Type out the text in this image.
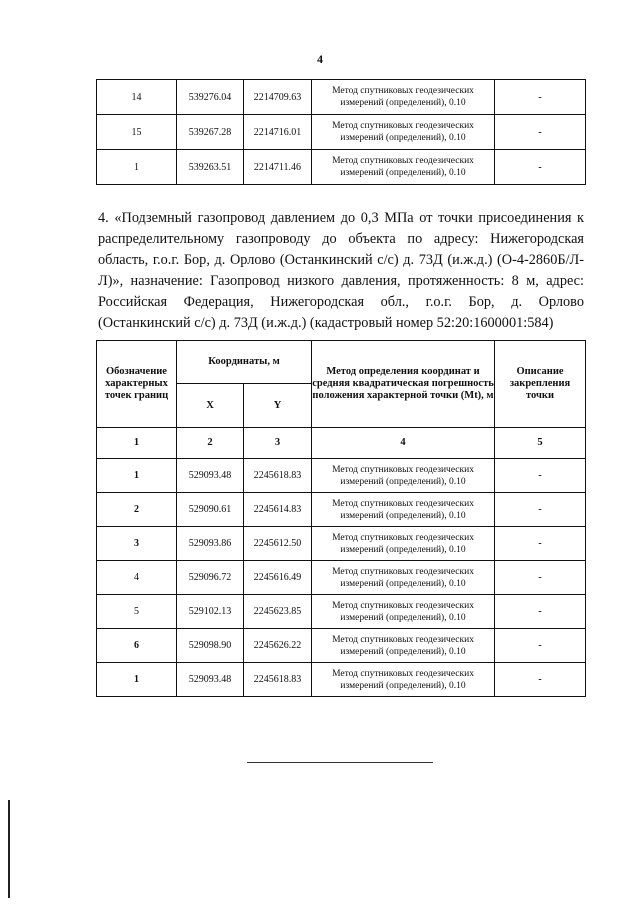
4
14	539276.04	2214709.63	Метод спутниковых геодезических измерений (определений), 0.10	-
15	539267.28	2214716.01	Метод спутниковых геодезических измерений (определений), 0.10	-
1	539263.51	2214711.46	Метод спутниковых геодезических измерений (определений), 0.10	-
4. «Подземный газопровод давлением до 0,3 МПа от точки присоединения к распределительному газопроводу до объекта по адресу: Нижегородская область, г.о.г. Бор, д. Орлово (Останкинский с/с) д. 73Д (и.ж.д.) (О-4-2860Б/Л-Л)», назначение: Газопровод низкого давления, протяженность: 8 м, адрес: Российская Федерация, Нижегородская обл., г.о.г. Бор, д. Орлово (Останкинский с/с) д. 73Д (и.ж.д.) (кадастровый номер 52:20:1600001:584)
Обозначение характерных точек границ	Координаты, м		Метод определения координат и средняя квадратическая погрешность положения характерной точки (Mt), м	Описание закрепления точки
	X	Y		
1	2	3	4	5
1	529093.48	2245618.83	Метод спутниковых геодезических измерений (определений), 0.10	-
2	529090.61	2245614.83	Метод спутниковых геодезических измерений (определений), 0.10	-
3	529093.86	2245612.50	Метод спутниковых геодезических измерений (определений), 0.10	-
4	529096.72	2245616.49	Метод спутниковых геодезических измерений (определений), 0.10	-
5	529102.13	2245623.85	Метод спутниковых геодезических измерений (определений), 0.10	-
6	529098.90	2245626.22	Метод спутниковых геодезических измерений (определений), 0.10	-
1	529093.48	2245618.83	Метод спутниковых геодезических измерений (определений), 0.10	-
